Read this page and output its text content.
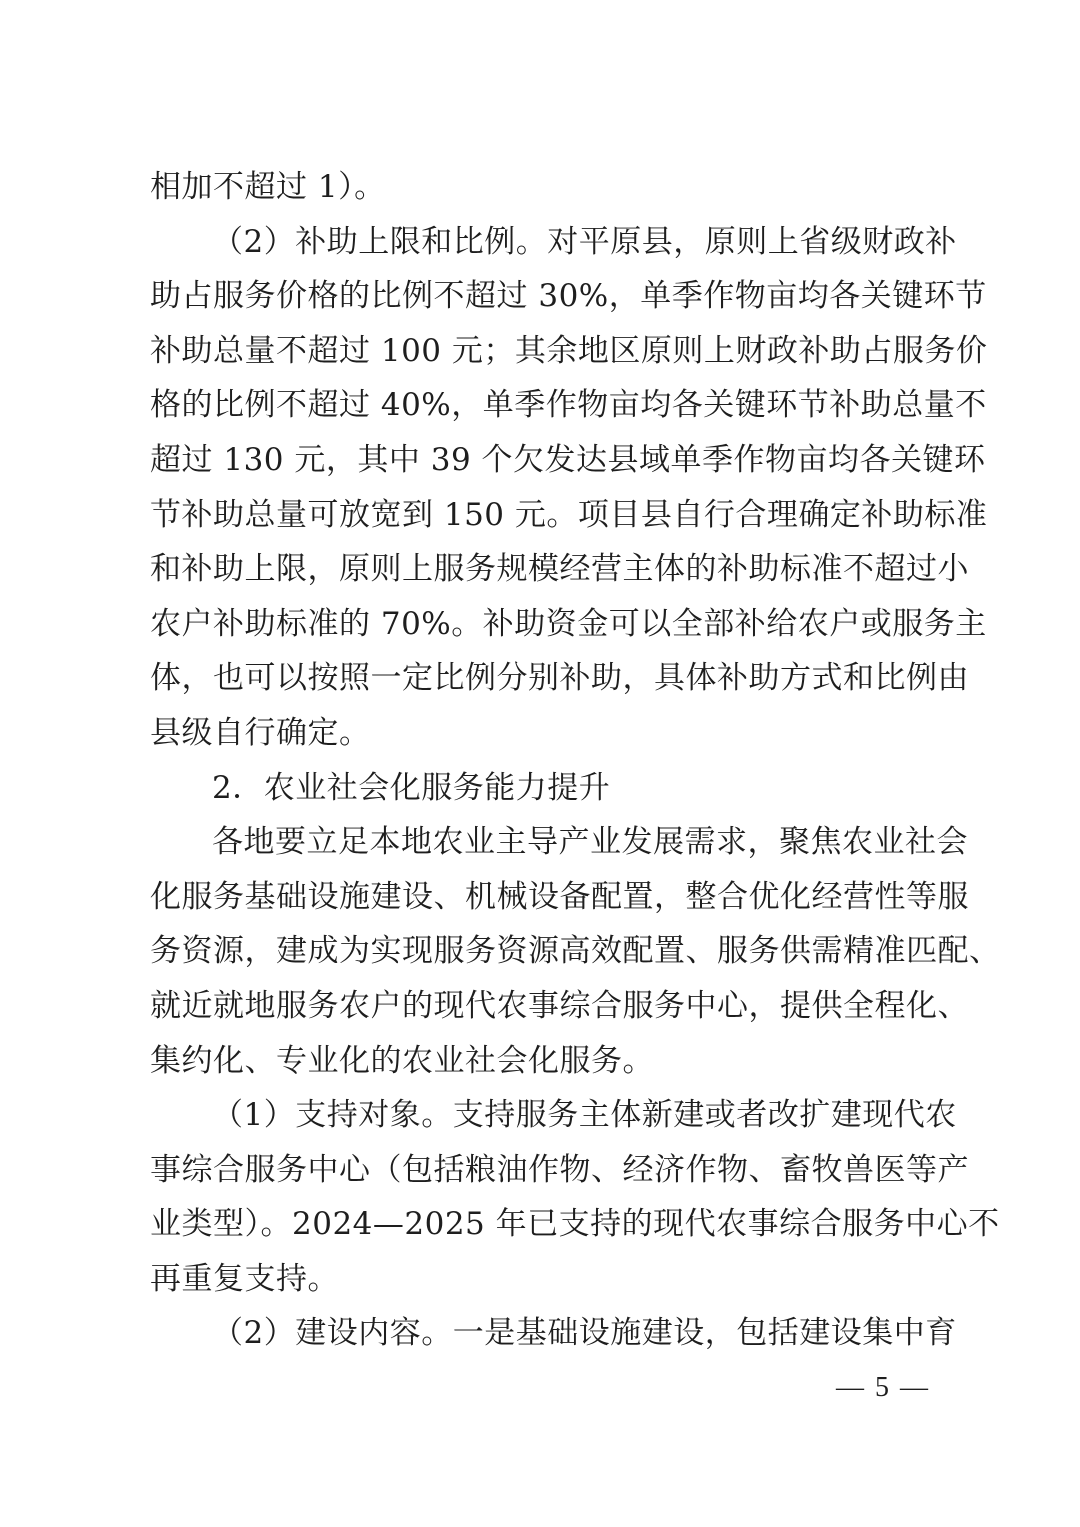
相加不超过 1）。
（2）补助上限和比例。对平原县，原则上省级财政补
助占服务价格的比例不超过 30%，单季作物亩均各关键环节
补助总量不超过 100 元；其余地区原则上财政补助占服务价
格的比例不超过 40%，单季作物亩均各关键环节补助总量不
超过 130 元，其中 39 个欠发达县域单季作物亩均各关键环
节补助总量可放宽到 150 元。项目县自行合理确定补助标准
和补助上限，原则上服务规模经营主体的补助标准不超过小
农户补助标准的 70%。补助资金可以全部补给农户或服务主
体，也可以按照一定比例分别补助，具体补助方式和比例由
县级自行确定。
2．农业社会化服务能力提升
各地要立足本地农业主导产业发展需求，聚焦农业社会
化服务基础设施建设、机械设备配置，整合优化经营性等服
务资源，建成为实现服务资源高效配置、服务供需精准匹配、
就近就地服务农户的现代农事综合服务中心，提供全程化、
集约化、专业化的农业社会化服务。
（1）支持对象。支持服务主体新建或者改扩建现代农
事综合服务中心（包括粮油作物、经济作物、畜牧兽医等产
业类型）。2024—2025 年已支持的现代农事综合服务中心不
再重复支持。
（2）建设内容。一是基础设施建设，包括建设集中育
— 5 —
